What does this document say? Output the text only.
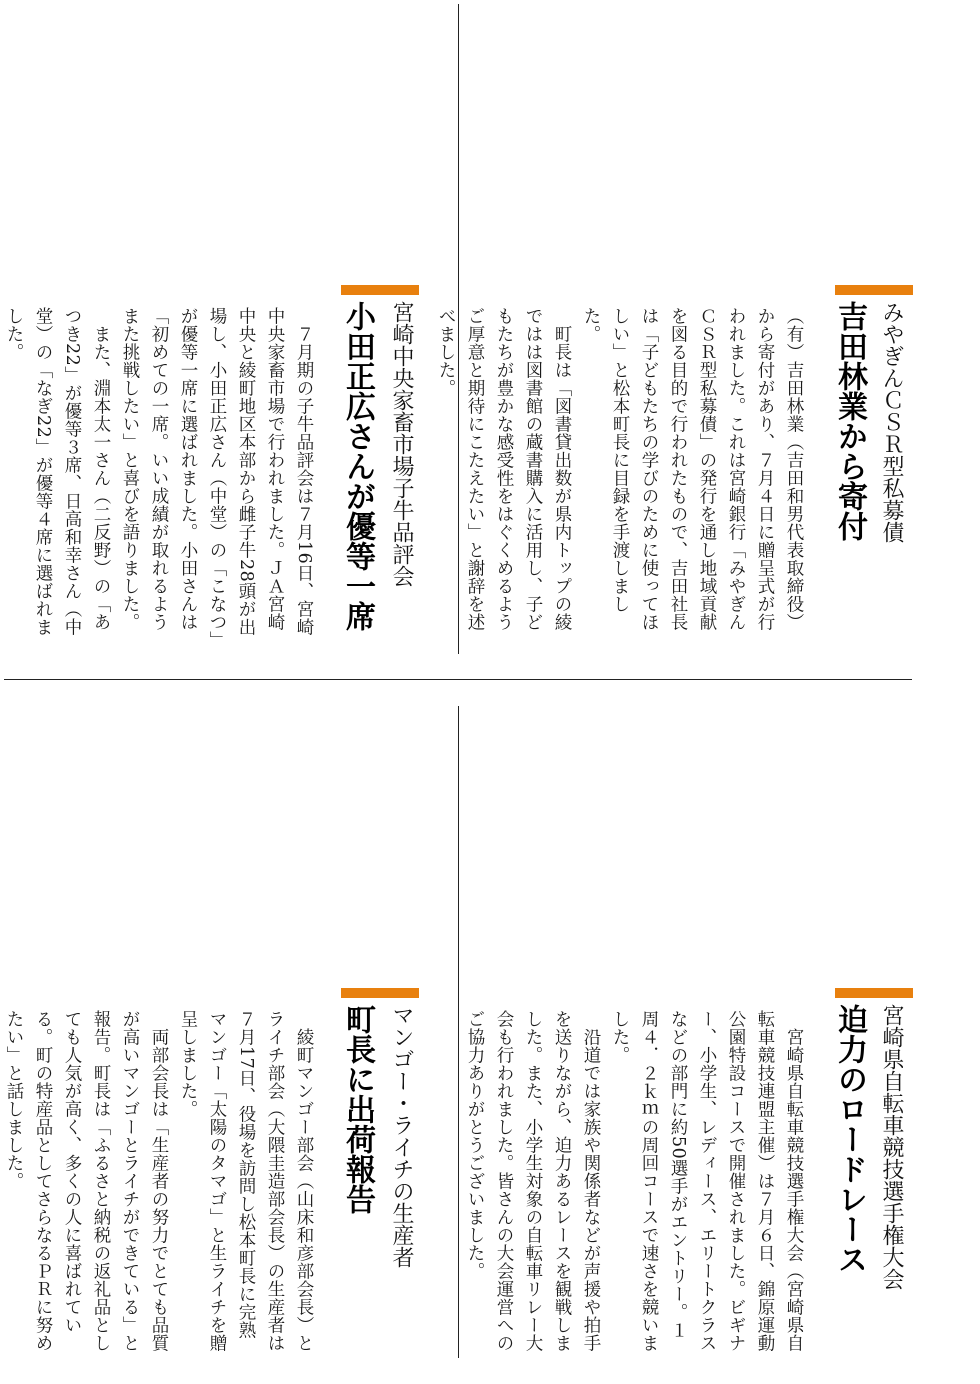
みやぎんＣＳＲ型私募債
吉田林業から寄付

（有）吉田林業（吉田和男代表取締役）から寄付があり、７月４日に贈呈式が行われました。これは宮崎銀行「みやぎんＣＳＲ型私募債」の発行を通し地域貢献を図る目的で行われたもので、吉田社長は「子どもたちの学びのために使ってほしい」と松本町長に目録を手渡しました。

町長は「図書貸出数が県内トップの綾ではは図書館の蔵書購入に活用し、子どもたちが豊かな感受性をはぐくめるようご厚意と期待にこたえたい」と謝辞を述べました。

宮崎中央家畜市場子牛品評会
小田正広さんが優等一席

７月期の子牛品評会は７月16日、宮崎中央家畜市場で行われました。ＪＡ宮崎中央と綾町地区本部から雌子牛28頭が出場し、小田正広さん（中堂）の「こなつ」が優等一席に選ばれました。小田さんは「初めての一席。いい成績が取れるようまた挑戦したい」と喜びを語りました。

また、淵本太一さん（二反野）の「あつき22」が優等３席、日高和幸さん（中堂）の「なぎ22」が優等４席に選ばれました。

宮崎県自転車競技選手権大会
迫力のロードレース

宮崎県自転車競技選手権大会（宮崎県自転車競技連盟主催）は７月６日、錦原運動公園特設コースで開催されました。ビギナー、小学生、レディース、エリートクラスなどの部門に約50選手がエントリー。１周４．２ｋｍの周回コースで速さを競いました。

沿道では家族や関係者などが声援や拍手を送りながら、迫力あるレースを観戦しました。また、小学生対象の自転車リレー大会も行われました。皆さんの大会運営へのご協力ありがとうございました。

マンゴー・ライチの生産者
町長に出荷報告

綾町マンゴー部会（山床和彦部会長）とライチ部会（大隈圭造部会長）の生産者は７月17日、役場を訪問し松本町長に完熟マンゴー「太陽のタマゴ」と生ライチを贈呈しました。

両部会長は「生産者の努力でとても品質が高いマンゴーとライチができている」と報告。町長は「ふるさと納税の返礼品としても人気が高く、多くの人に喜ばれている。町の特産品としてさらなるＰＲに努めたい」と話しました。
